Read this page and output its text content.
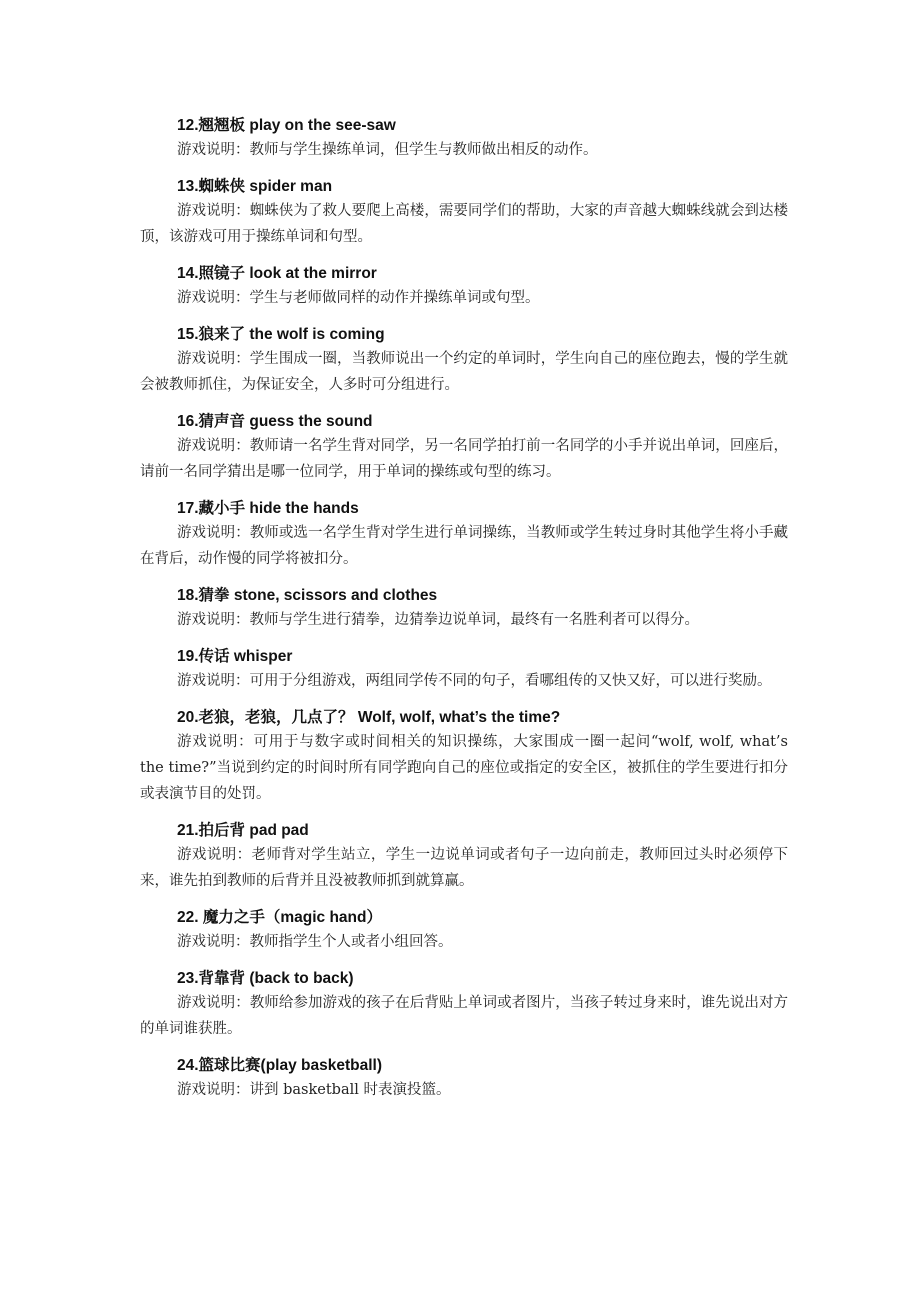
12.翘翘板 play on the see-saw
游戏说明：教师与学生操练单词，但学生与教师做出相反的动作。
13.蜘蛛侠 spider man
游戏说明：蜘蛛侠为了救人要爬上高楼，需要同学们的帮助，大家的声音越大蜘蛛线就会到达楼顶，该游戏可用于操练单词和句型。
14.照镜子 look at the mirror
游戏说明：学生与老师做同样的动作并操练单词或句型。
15.狼来了 the wolf is coming
游戏说明：学生围成一圈，当教师说出一个约定的单词时，学生向自己的座位跑去，慢的学生就会被教师抓住，为保证安全，人多时可分组进行。
16.猜声音 guess the sound
游戏说明：教师请一名学生背对同学，另一名同学拍打前一名同学的小手并说出单词，回座后，请前一名同学猜出是哪一位同学，用于单词的操练或句型的练习。
17.藏小手 hide the hands
游戏说明：教师或选一名学生背对学生进行单词操练，当教师或学生转过身时其他学生将小手藏在背后，动作慢的同学将被扣分。
18.猜拳 stone, scissors and clothes
游戏说明：教师与学生进行猜拳，边猜拳边说单词，最终有一名胜利者可以得分。
19.传话 whisper
游戏说明：可用于分组游戏，两组同学传不同的句子，看哪组传的又快又好，可以进行奖励。
20.老狼，老狼，几点了？ Wolf, wolf, what’s the time?
游戏说明：可用于与数字或时间相关的知识操练，大家围成一圈一起问“wolf, wolf, what’s the time?”当说到约定的时间时所有同学跑向自己的座位或指定的安全区，被抓住的学生要进行扣分或表演节目的处罚。
21.拍后背 pad pad
游戏说明：老师背对学生站立，学生一边说单词或者句子一边向前走，教师回过头时必须停下来，谁先拍到教师的后背并且没被教师抓到就算赢。
22. 魔力之手（magic hand）
游戏说明：教师指学生个人或者小组回答。
23.背靠背 (back to back)
游戏说明：教师给参加游戏的孩子在后背贴上单词或者图片，当孩子转过身来时，谁先说出对方的单词谁获胜。
24.篮球比赛(play basketball)
游戏说明：讲到 basketball 时表演投篮。
